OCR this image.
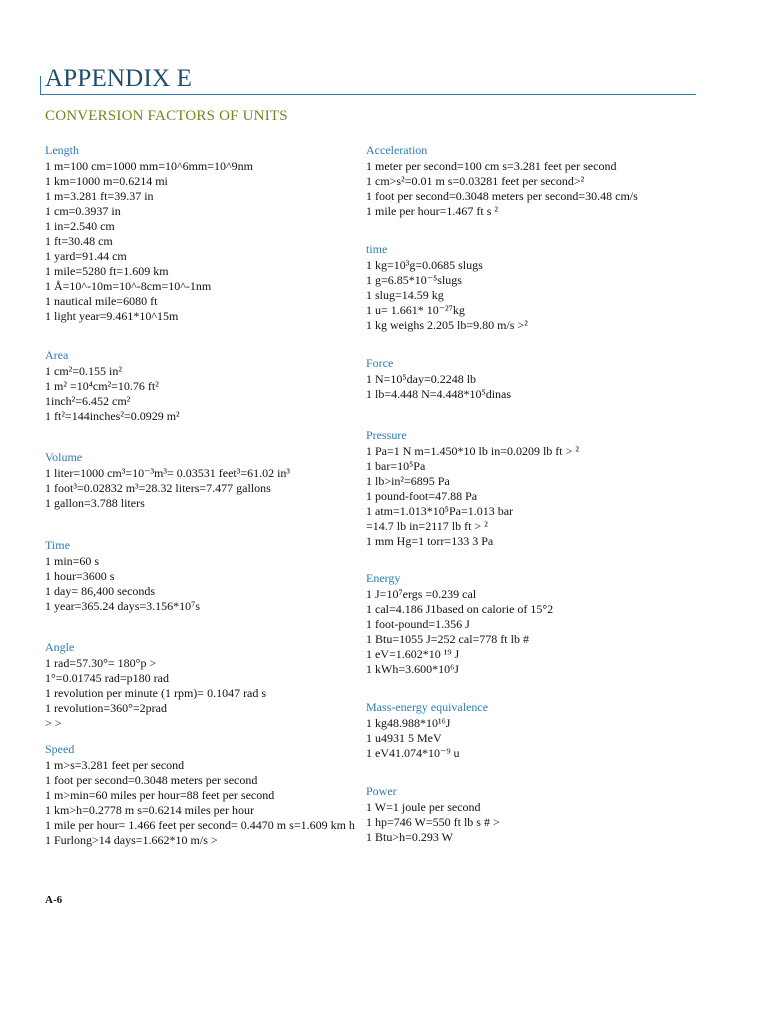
APPENDIX E
CONVERSION FACTORS OF UNITS
Length
1 m=100 cm=1000 mm=10^6mm=10^9nm
1 km=1000 m=0.6214 mi
1 m=3.281 ft=39.37 in
1 cm=0.3937 in
1 in=2.540 cm
1 ft=30.48 cm
1 yard=91.44 cm
1 mile=5280 ft=1.609 km
1 Å=10^-10m=10^-8cm=10^-1nm
1 nautical mile=6080 ft
1 light year=9.461*10^15m
Area
1 cm²=0.155 in²
1 m² =10⁴cm²=10.76 ft²
1inch²=6.452 cm²
1 ft²=144inches²=0.0929 m²
Volume
1 liter=1000 cm³=10⁻³m³= 0.03531 feet³=61.02 in³
1 foot³=0.02832 m³=28.32 liters=7.477 gallons
1 gallon=3.788 liters
Time
1 min=60 s
1 hour=3600 s
1 day= 86,400 seconds
1 year=365.24 days=3.156*10⁷s
Angle
1 rad=57.30°= 180°p >
1°=0.01745 rad=p180 rad
1 revolution per minute (1 rpm)= 0.1047 rad s
1 revolution=360°=2prad
> >
Speed
1 m>s=3.281 feet per second
1 foot per second=0.3048 meters per second
1 m>min=60 miles per hour=88 feet per second
1 km>h=0.2778 m s=0.6214 miles per hour
1 mile per hour= 1.466 feet per second= 0.4470 m s=1.609 km h
1 Furlong>14 days=1.662*10 m/s >
Acceleration
1 meter per second=100 cm s=3.281 feet per second
1 cm>s²=0.01 m s=0.03281 feet per second>²
1 foot per second=0.3048 meters per second=30.48 cm/s
1 mile per hour=1.467 ft s ²
time
1 kg=10³g=0.0685 slugs
1 g=6.85*10⁻⁵slugs
1 slug=14.59 kg
1 u= 1.661* 10⁻²⁷kg
1 kg weighs 2.205 lb=9.80 m/s >²
Force
1 N=10⁵day=0.2248 lb
1 lb=4.448 N=4.448*10⁵dinas
Pressure
1 Pa=1 N m=1.450*10 lb in=0.0209 lb ft > ²
1 bar=10⁵Pa
1 lb>in²=6895 Pa
1 pound-foot=47.88 Pa
1 atm=1.013*10⁵Pa=1.013 bar
=14.7 lb in=2117 lb ft > ²
1 mm Hg=1 torr=133 3 Pa
Energy
1 J=10⁷ergs =0.239 cal
1 cal=4.186 J1based on calorie of 15°2
1 foot-pound=1.356 J
1 Btu=1055 J=252 cal=778 ft lb #
1 eV=1.602*10 ¹⁹ J
1 kWh=3.600*10⁶J
Mass-energy equivalence
1 kg48.988*10¹⁶J
1 u4931 5 MeV
1 eV41.074*10⁻⁹ u
Power
1 W=1 joule per second
1 hp=746 W=550 ft lb s # >
1 Btu>h=0.293 W
A-6
